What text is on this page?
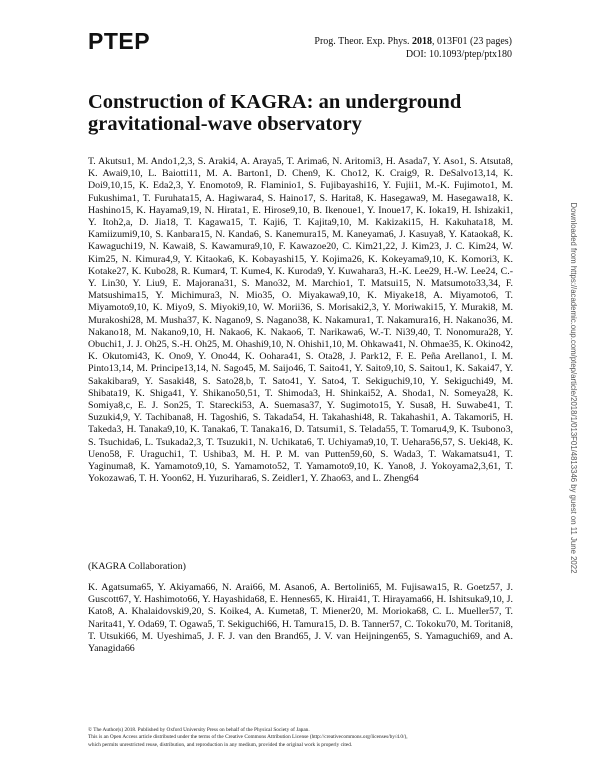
PTEP	Prog. Theor. Exp. Phys. 2018, 013F01 (23 pages)
DOI: 10.1093/ptep/ptx180
Construction of KAGRA: an underground gravitational-wave observatory

T. Akutsu1, M. Ando1,2,3, S. Araki4, A. Araya5, T. Arima6, N. Aritomi3, H. Asada7, Y. Aso1, S. Atsuta8, K. Awai9,10, L. Baiotti11, M. A. Barton1, D. Chen9, K. Cho12, K. Craig9, R. DeSalvo13,14, K. Doi9,10,15, K. Eda2,3, Y. Enomoto9, R. Flaminio1, S. Fujibayashi16, Y. Fujii1, M.-K. Fujimoto1, M. Fukushima1, T. Furuhata15, A. Hagiwara4, S. Haino17, S. Harita8, K. Hasegawa9, M. Hasegawa18, K. Hashino15, K. Hayama9,19, N. Hirata1, E. Hirose9,10, B. Ikenoue1, Y. Inoue17, K. Ioka19, H. Ishizaki1, Y. Itoh2,a, D. Jia18, T. Kagawa15, T. Kaji6, T. Kajita9,10, M. Kakizaki15, H. Kakuhata18, M. Kamiizumi9,10, S. Kanbara15, N. Kanda6, S. Kanemura15, M. Kaneyama6, J. Kasuya8, Y. Kataoka8, K. Kawaguchi19, N. Kawai8, S. Kawamura9,10, F. Kawazoe20, C. Kim21,22, J. Kim23, J. C. Kim24, W. Kim25, N. Kimura4,9, Y. Kitaoka6, K. Kobayashi15, Y. Kojima26, K. Kokeyama9,10, K. Komori3, K. Kotake27, K. Kubo28, R. Kumar4, T. Kume4, K. Kuroda9, Y. Kuwahara3, H.-K. Lee29, H.-W. Lee24, C.-Y. Lin30, Y. Liu9, E. Majorana31, S. Mano32, M. Marchio1, T. Matsui15, N. Matsumoto33,34, F. Matsushima15, Y. Michimura3, N. Mio35, O. Miyakawa9,10, K. Miyake18, A. Miyamoto6, T. Miyamoto9,10, K. Miyo9, S. Miyoki9,10, W. Morii36, S. Morisaki2,3, Y. Moriwaki15, Y. Muraki8, M. Murakoshi28, M. Musha37, K. Nagano9, S. Nagano38, K. Nakamura1, T. Nakamura16, H. Nakano36, M. Nakano18, M. Nakano9,10, H. Nakao6, K. Nakao6, T. Narikawa6, W.-T. Ni39,40, T. Nonomura28, Y. Obuchi1, J. J. Oh25, S.-H. Oh25, M. Ohashi9,10, N. Ohishi1,10, M. Ohkawa41, N. Ohmae35, K. Okino42, K. Okutomi43, K. Ono9, Y. Ono44, K. Oohara41, S. Ota28, J. Park12, F. E. Peña Arellano1, I. M. Pinto13,14, M. Principe13,14, N. Sago45, M. Saijo46, T. Saito41, Y. Saito9,10, S. Saitou1, K. Sakai47, Y. Sakakibara9, Y. Sasaki48, S. Sato28,b, T. Sato41, Y. Sato4, T. Sekiguchi9,10, Y. Sekiguchi49, M. Shibata19, K. Shiga41, Y. Shikano50,51, T. Shimoda3, H. Shinkai52, A. Shoda1, N. Someya28, K. Somiya8,c, E. J. Son25, T. Starecki53, A. Suemasa37, Y. Sugimoto15, Y. Susa8, H. Suwabe41, T. Suzuki4,9, Y. Tachibana8, H. Tagoshi6, S. Takada54, H. Takahashi48, R. Takahashi1, A. Takamori5, H. Takeda3, H. Tanaka9,10, K. Tanaka6, T. Tanaka16, D. Tatsumi1, S. Telada55, T. Tomaru4,9, K. Tsubono3, S. Tsuchida6, L. Tsukada2,3, T. Tsuzuki1, N. Uchikata6, T. Uchiyama9,10, T. Uehara56,57, S. Ueki48, K. Ueno58, F. Uraguchi1, T. Ushiba3, M. H. P. M. van Putten59,60, S. Wada3, T. Wakamatsu41, T. Yaginuma8, K. Yamamoto9,10, S. Yamamoto52, T. Yamamoto9,10, K. Yano8, J. Yokoyama2,3,61, T. Yokozawa6, T. H. Yoon62, H. Yuzurihara6, S. Zeidler1, Y. Zhao63, and L. Zheng64

(KAGRA Collaboration)

K. Agatsuma65, Y. Akiyama66, N. Arai66, M. Asano6, A. Bertolini65, M. Fujisawa15, R. Goetz57, J. Guscott67, Y. Hashimoto66, Y. Hayashida68, E. Hennes65, K. Hirai41, T. Hirayama66, H. Ishitsuka9,10, J. Kato8, A. Khalaidovski9,20, S. Koike4, A. Kumeta8, T. Miener20, M. Morioka68, C. L. Mueller57, T. Narita41, Y. Oda69, T. Ogawa5, T. Sekiguchi66, H. Tamura15, D. B. Tanner57, C. Tokoku70, M. Toritani8, T. Utsuki66, M. Uyeshima5, J. F. J. van den Brand65, J. V. van Heijningen65, S. Yamaguchi69, and A. Yanagida66

© The Author(s) 2018. Published by Oxford University Press on behalf of the Physical Society of Japan.
This is an Open Access article distributed under the terms of the Creative Commons Attribution License (http://creativecommons.org/licenses/by/4.0/),
which permits unrestricted reuse, distribution, and reproduction in any medium, provided the original work is properly cited.
Downloaded from https://academic.oup.com/ptep/article/2018/1/013F01/4813346 by guest on 11 June 2022
